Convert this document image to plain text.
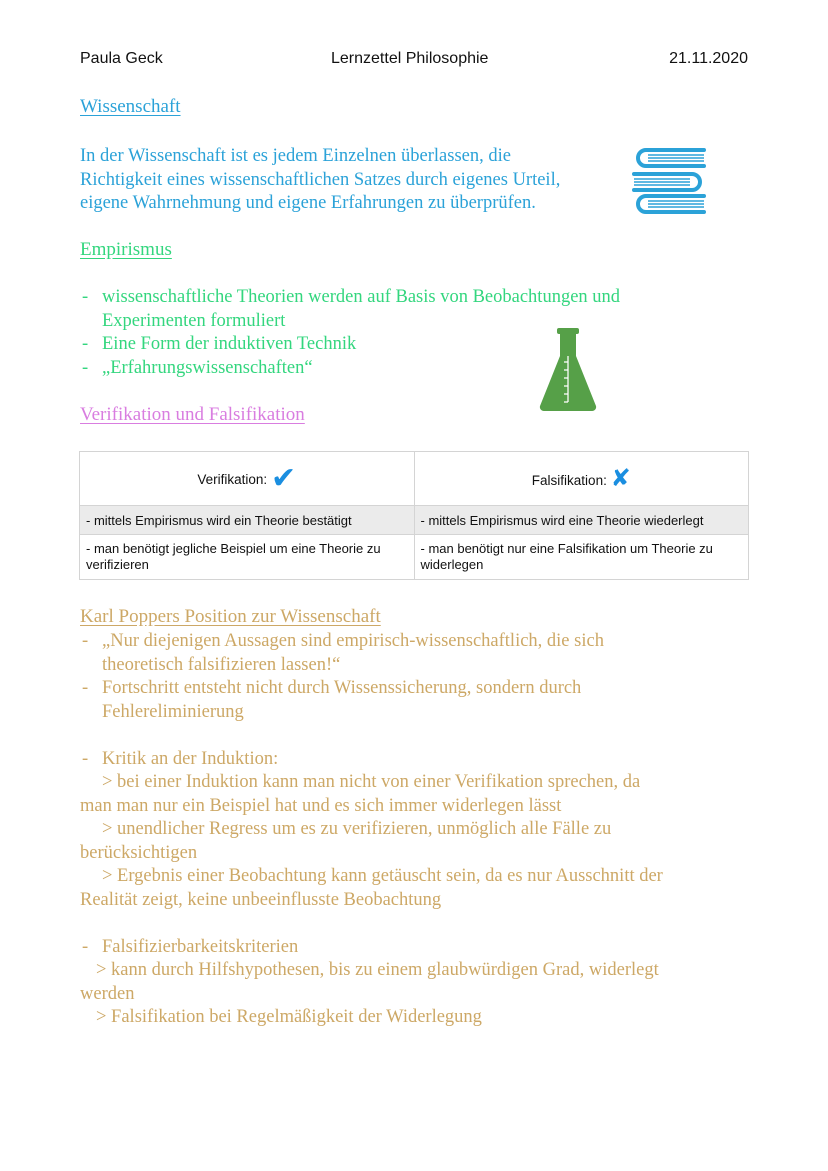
Paula Geck	Lernzettel Philosophie	21.11.2020
Wissenschaft
In der Wissenschaft ist es jedem Einzelnen überlassen, die
Richtigkeit eines wissenschaftlichen Satzes durch eigenes Urteil,
eigene Wahrnehmung und eigene Erfahrungen zu überprüfen.
Empirismus
- wissenschaftliche Theorien werden auf Basis von Beobachtungen und
Experimenten formuliert
- Eine Form der induktiven Technik
- „Erfahrungswissenschaften“
Verifikation und Falsifikation
Verifikation: ✔	Falsifikation: ✘
- mittels Empirismus wird ein Theorie bestätigt	- mittels Empirismus wird eine Theorie wiederlegt
- man benötigt jegliche Beispiel um eine Theorie zu verifizieren	- man benötigt nur eine Falsifikation um Theorie zu widerlegen
Karl Poppers Position zur Wissenschaft
- „Nur diejenigen Aussagen sind empirisch-wissenschaftlich, die sich
theoretisch falsifizieren lassen!“
- Fortschritt entsteht nicht durch Wissenssicherung, sondern durch
Fehlereliminierung
- Kritik an der Induktion:
> bei einer Induktion kann man nicht von einer Verifikation sprechen, da
man man nur ein Beispiel hat und es sich immer widerlegen lässt
> unendlicher Regress um es zu verifizieren, unmöglich alle Fälle zu
berücksichtigen
> Ergebnis einer Beobachtung kann getäuscht sein, da es nur Ausschnitt der
Realität zeigt, keine unbeeinflusste Beobachtung
- Falsifizierbarkeitskriterien
> kann durch Hilfshypothesen, bis zu einem glaubwürdigen Grad, widerlegt
werden
> Falsifikation bei Regelmäßigkeit der Widerlegung
